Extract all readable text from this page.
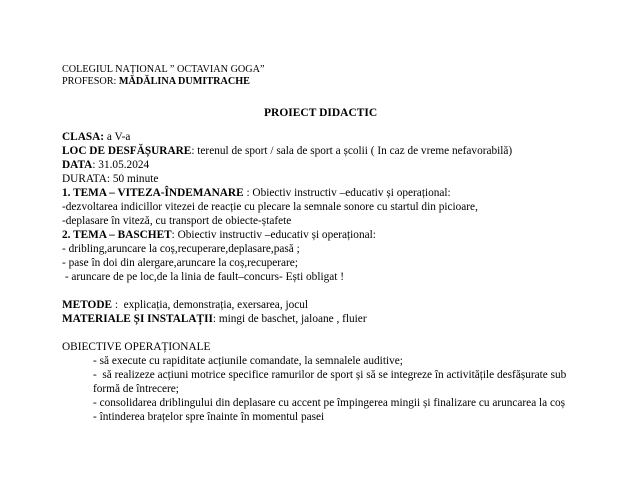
COLEGIUL NAȚIONAL ” OCTAVIAN GOGA”
PROFESOR: MĂDĂLINA DUMITRACHE
PROIECT DIDACTIC
CLASA: a V-a
LOC DE DESFĂȘURARE: terenul de sport / sala de sport a școlii ( In caz de vreme nefavorabilă)
DATA: 31.05.2024
DURATA: 50 minute
1. TEMA – VITEZA-ÎNDEMANARE : Obiectiv instructiv –educativ și operațional:
-dezvoltarea indicillor vitezei de reacție cu plecare la semnale sonore cu startul din picioare,
-deplasare în viteză, cu transport de obiecte-ștafete
2. TEMA – BASCHET: Obiectiv instructiv –educativ și operațional:
- dribling,aruncare la coș,recuperare,deplasare,pasă ;
- pase în doi din alergare,aruncare la coș,recuperare;
- aruncare de pe loc,de la linia de fault–concurs- Ești obligat !
METODE :  explicația, demonstrația, exersarea, jocul
MATERIALE ȘI INSTALAȚII: mingi de baschet, jaloane , fluier
OBIECTIVE OPERAȚIONALE
- să execute cu rapiditate acțiunile comandate, la semnalele auditive;
-  să realizeze acțiuni motrice specifice ramurilor de sport și să se integreze în activitățile desfășurate sub
formă de întrecere;
- consolidarea driblingului din deplasare cu accent pe împingerea mingii și finalizare cu aruncarea la coș
- întinderea brațelor spre înainte în momentul pasei
